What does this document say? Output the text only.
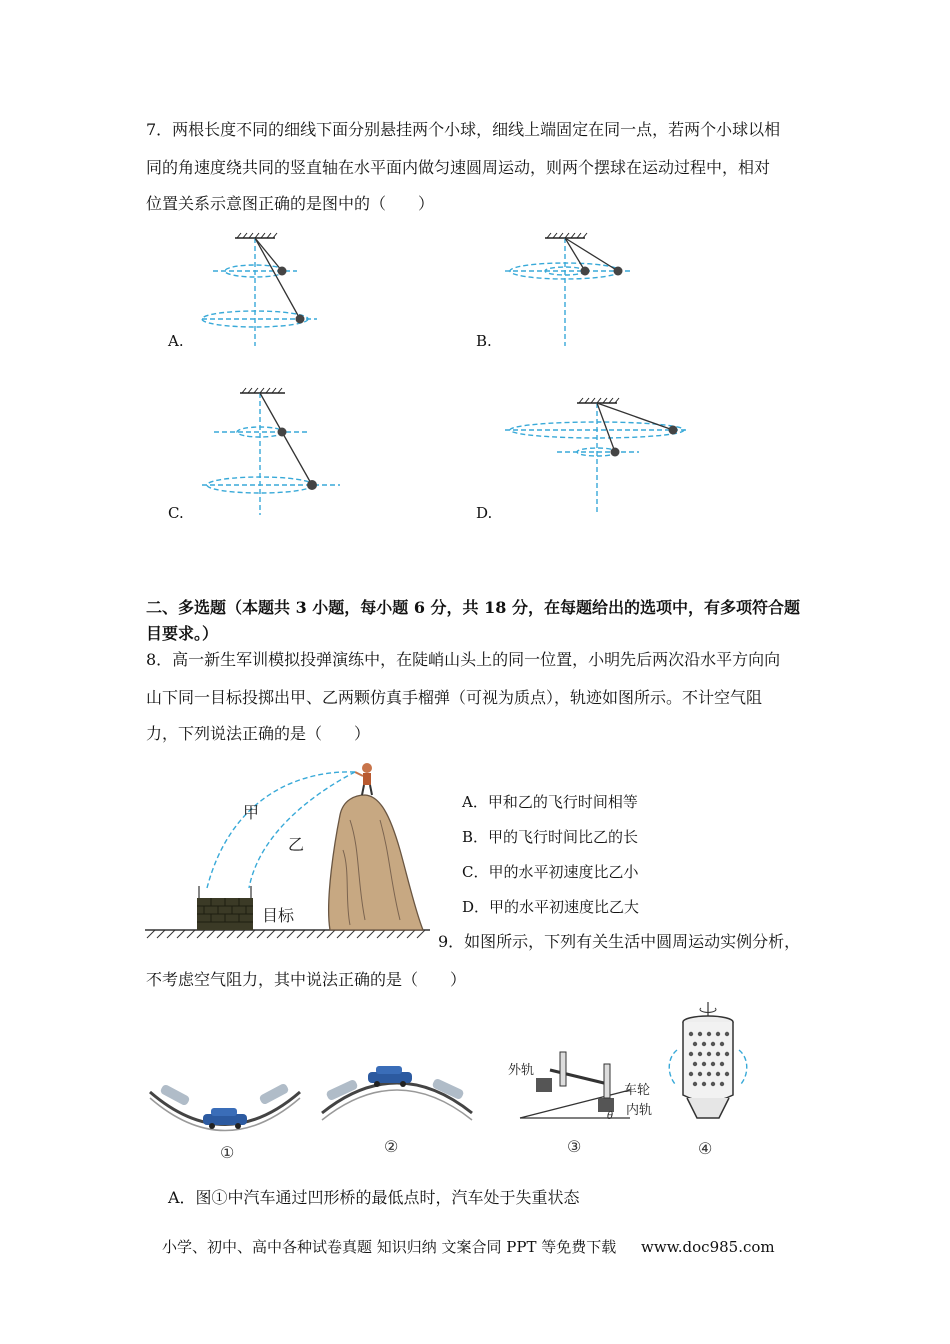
7．两根长度不同的细线下面分别悬挂两个小球，细线上端固定在同一点，若两个小球以相
同的角速度绕共同的竖直轴在水平面内做匀速圆周运动，则两个摆球在运动过程中，相对
位置关系示意图正确的是图中的（　　）
A.	B.
C.	D.
二、多选题（本题共 3 小题，每小题 6 分，共 18 分，在每题给出的选项中，有多项符合题
目要求。）
8．高一新生军训模拟投弹演练中，在陡峭山头上的同一位置，小明先后两次沿水平方向向
山下同一目标投掷出甲、乙两颗仿真手榴弹（可视为质点），轨迹如图所示。不计空气阻
力，下列说法正确的是（　　）
甲
乙
目标
A．甲和乙的飞行时间相等
B．甲的飞行时间比乙的长
C．甲的水平初速度比乙小
D．甲的水平初速度比乙大
9．如图所示，下列有关生活中圆周运动实例分析，
不考虑空气阻力，其中说法正确的是（　　）
①	②
外轨
车轮
内轨
θ
③	④
A．图①中汽车通过凹形桥的最低点时，汽车处于失重状态
小学、初中、高中各种试卷真题 知识归纳 文案合同 PPT 等免费下载 www.doc985.com
